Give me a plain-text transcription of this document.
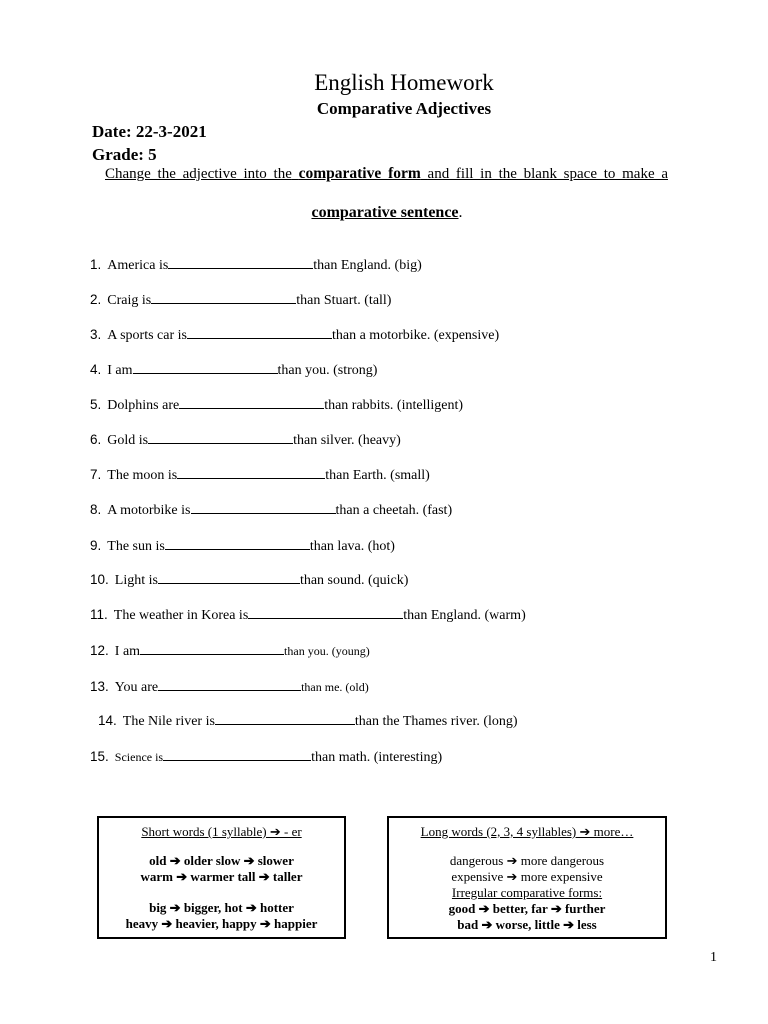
English Homework
Comparative Adjectives
Date: 22-3-2021
Grade: 5
Change the adjective into the comparative form and fill in the blank space to make a
comparative sentence.
1. America is	than England. (big)
2. Craig is	than Stuart. (tall)
3. A sports car is	than a motorbike. (expensive)
4. I am	than you. (strong)
5. Dolphins are	than rabbits. (intelligent)
6. Gold is	than silver. (heavy)
7. The moon is	than Earth. (small)
8. A motorbike is	than a cheetah. (fast)
9. The sun is	than lava. (hot)
10. Light is	than sound. (quick)
11. The weather in Korea is	than England. (warm)
12. I am	than you. (young)
13. You are	than me. (old)
14. The Nile river is	than the Thames river. (long)
15. Science is	than math. (interesting)
Short words (1 syllable) ➔ - er
old ➔ older slow ➔ slower
warm ➔ warmer tall ➔ taller
big ➔ bigger, hot ➔ hotter
heavy ➔ heavier, happy ➔ happier
Long words (2, 3, 4 syllables) ➔ more…
dangerous ➔ more dangerous
expensive ➔ more expensive
Irregular comparative forms:
good ➔ better, far ➔ further
bad ➔ worse, little ➔ less
1
